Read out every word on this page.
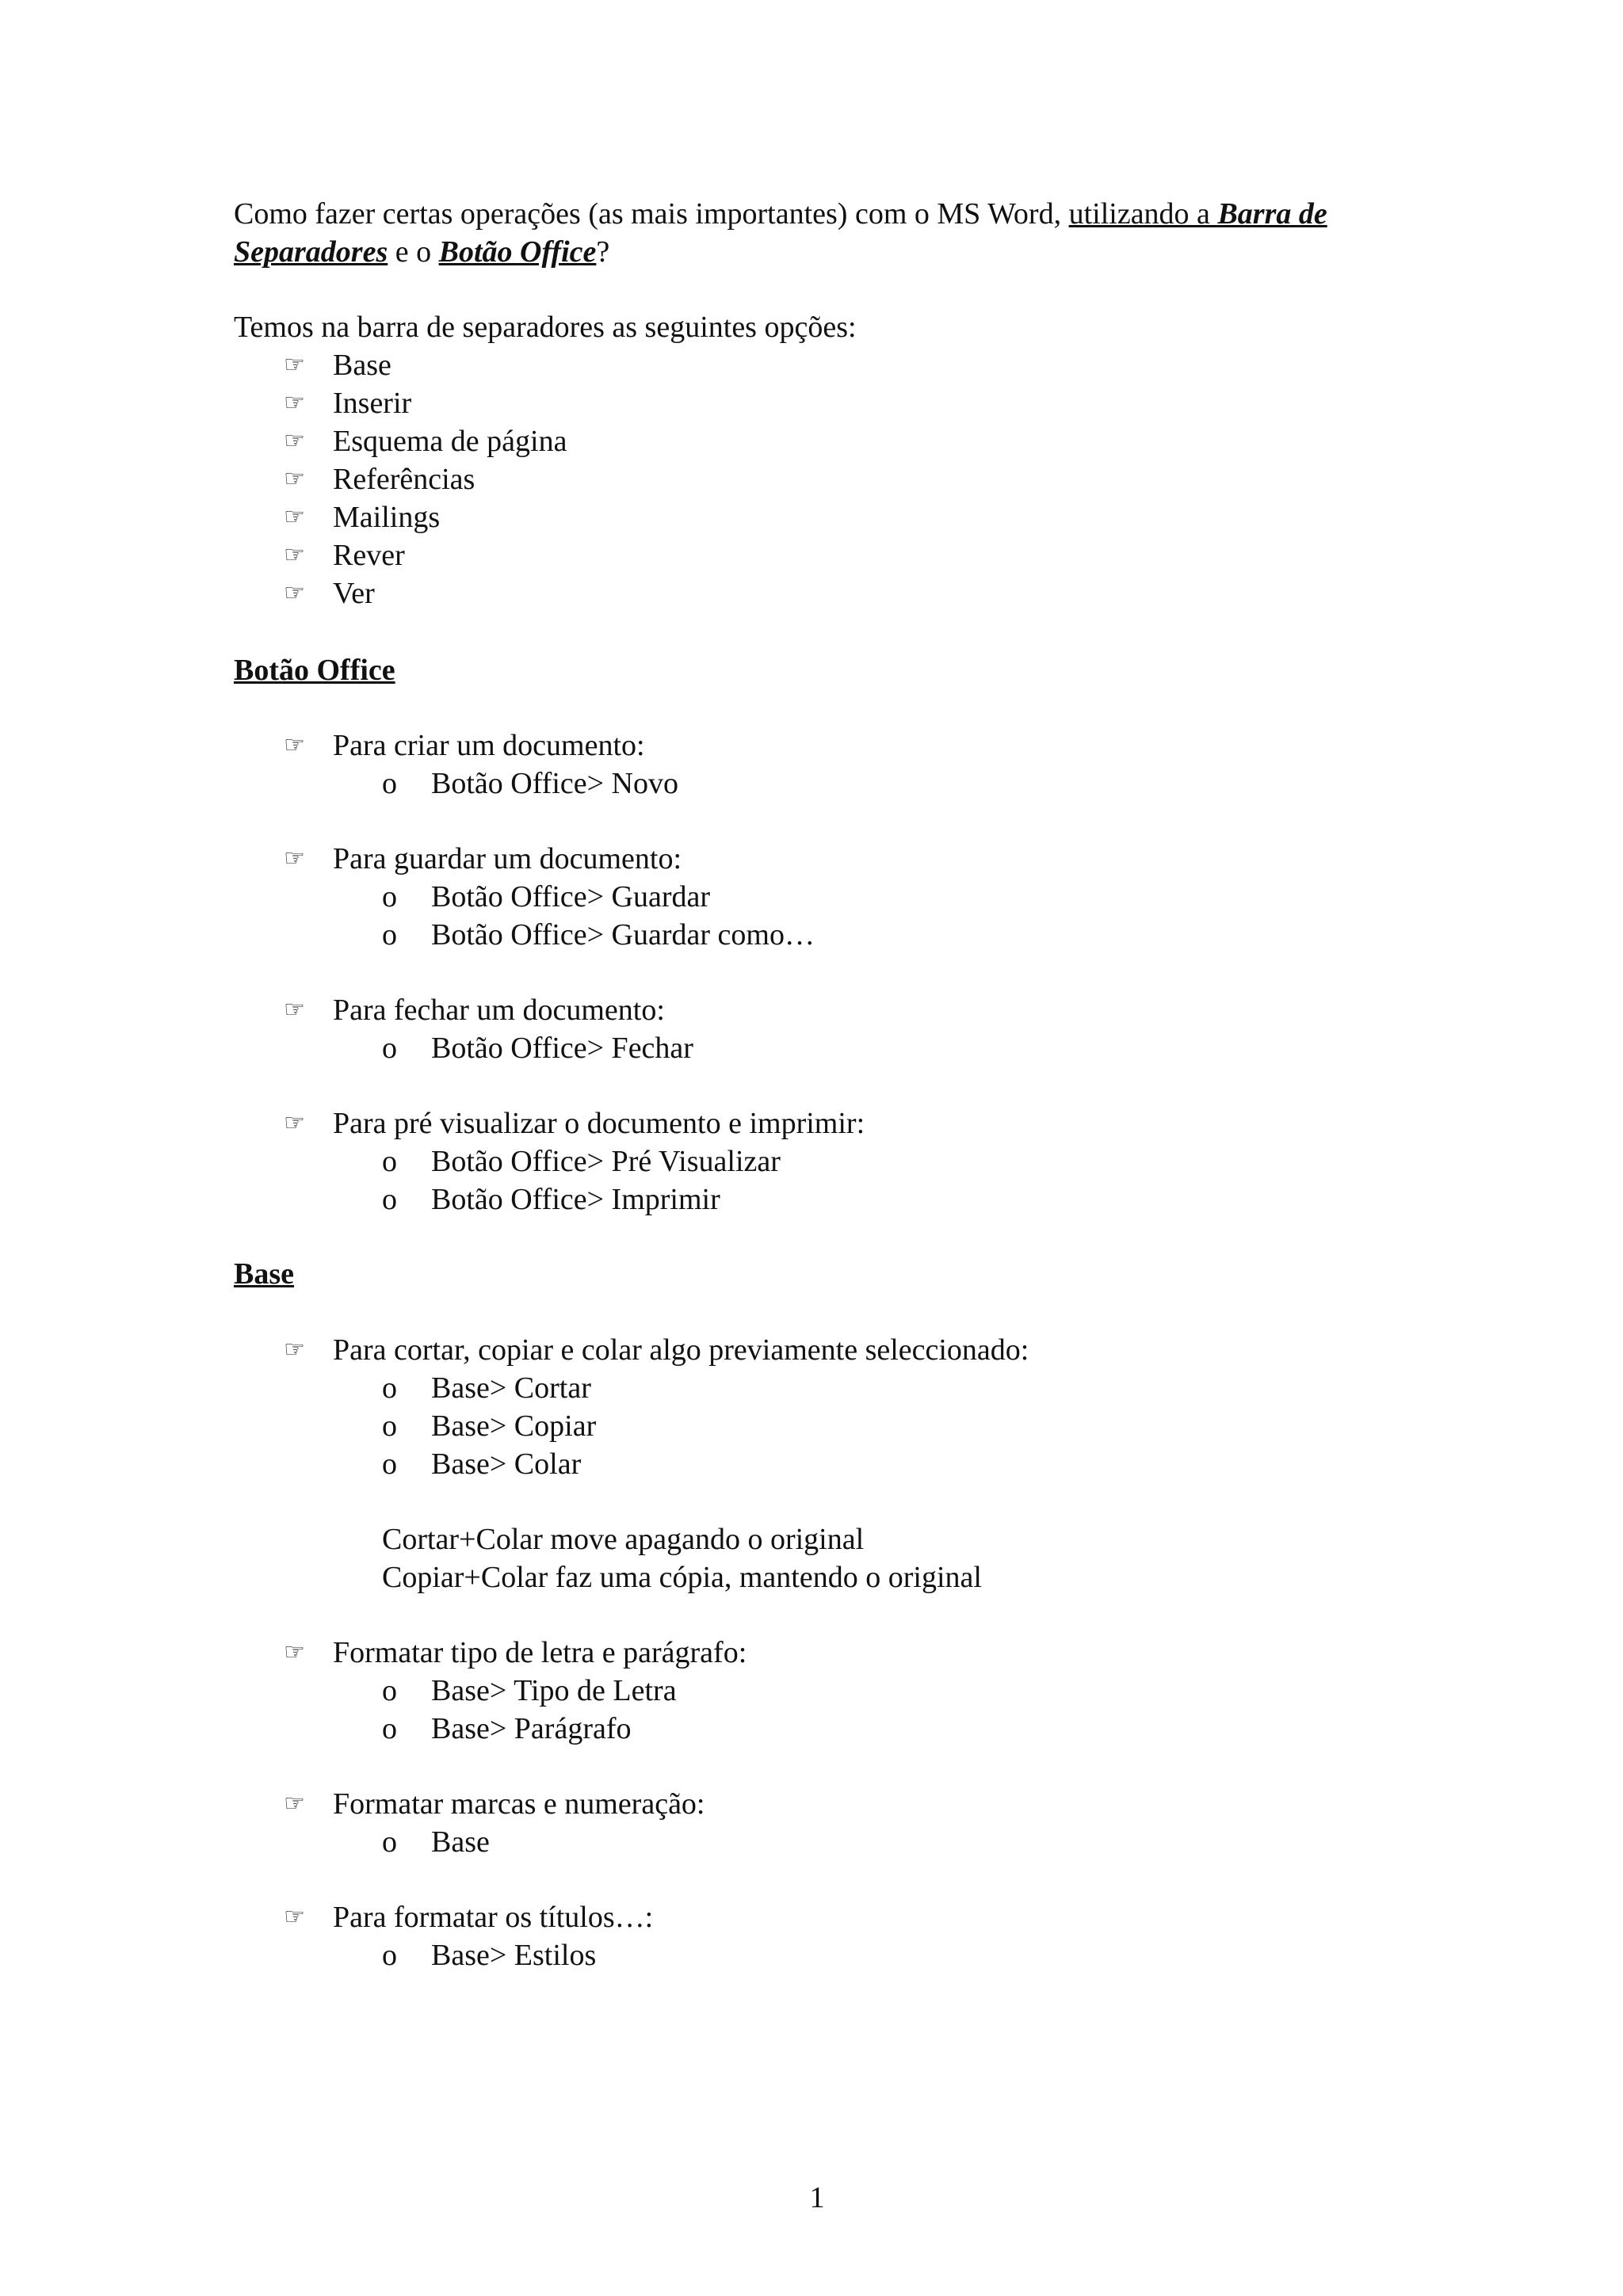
Como fazer certas operações (as mais importantes) com o MS Word, utilizando a Barra de Separadores e o Botão Office?
Temos na barra de separadores as seguintes opções:
☞ Base
☞ Inserir
☞ Esquema de página
☞ Referências
☞ Mailings
☞ Rever
☞ Ver
Botão Office
☞ Para criar um documento:
o Botão Office> Novo
☞ Para guardar um documento:
o Botão Office> Guardar
o Botão Office> Guardar como…
☞ Para fechar um documento:
o Botão Office> Fechar
☞ Para pré visualizar o documento e imprimir:
o Botão Office> Pré Visualizar
o Botão Office> Imprimir
Base
☞ Para cortar, copiar e colar algo previamente seleccionado:
o Base> Cortar
o Base> Copiar
o Base> Colar
Cortar+Colar move apagando o original
Copiar+Colar faz uma cópia, mantendo o original
☞ Formatar tipo de letra e parágrafo:
o Base> Tipo de Letra
o Base> Parágrafo
☞ Formatar marcas e numeração:
o Base
☞ Para formatar os títulos…:
o Base> Estilos
1
